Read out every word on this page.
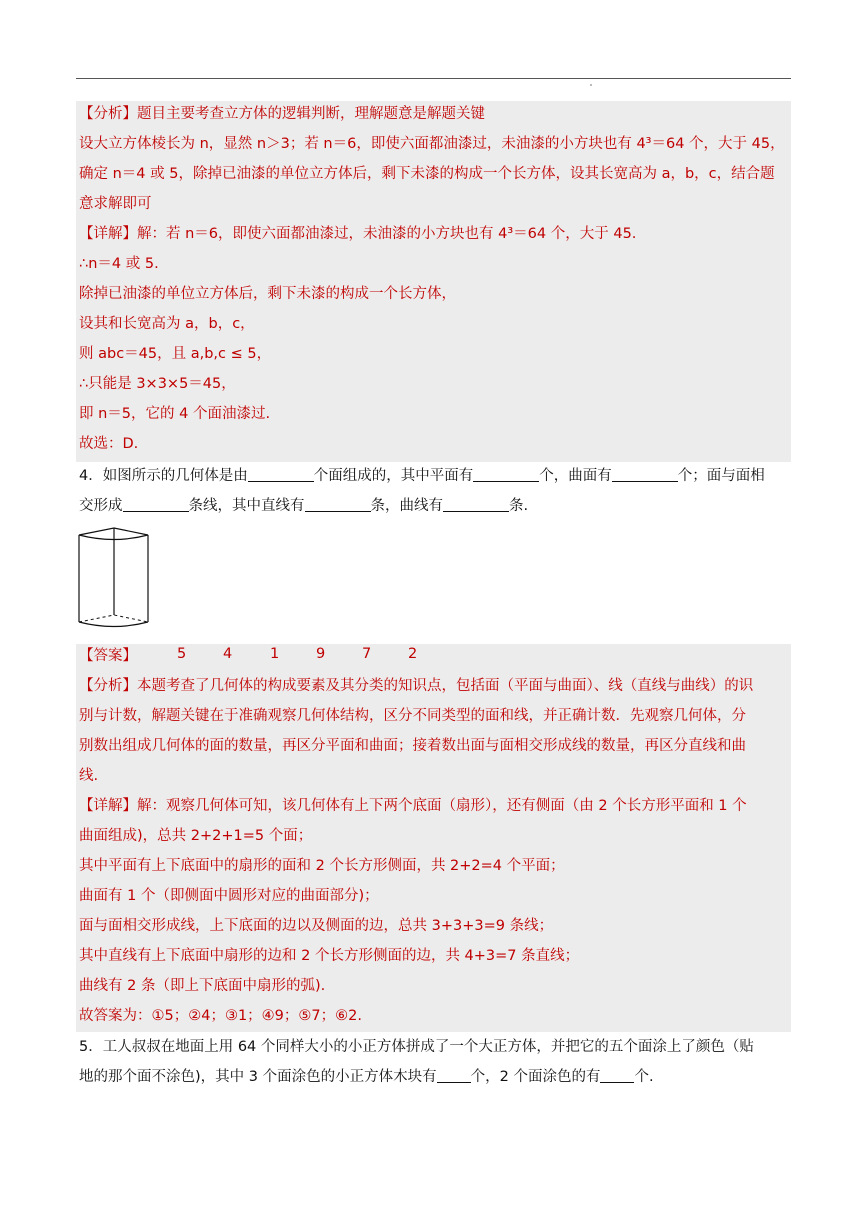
【分析】题目主要考查立方体的逻辑判断，理解题意是解题关键
设大立方体棱长为 n，显然 n＞3；若 n＝6，即使六面都油漆过，未油漆的小方块也有 4³＝64 个，大于 45，
确定 n＝4 或 5，除掉已油漆的单位立方体后，剩下未漆的构成一个长方体，设其长宽高为 a，b，c，结合题
意求解即可
【详解】解：若 n＝6，即使六面都油漆过，未油漆的小方块也有 4³＝64 个，大于 45.
∴n＝4 或 5.
除掉已油漆的单位立方体后，剩下未漆的构成一个长方体，
设其和长宽高为 a，b，c，
则 abc＝45，且 a,b,c ≤ 5，
∴只能是 3×3×5＝45，
即 n＝5，它的 4 个面油漆过.
故选：D.
4．如图所示的几何体是由	个面组成的，其中平面有	个，曲面有	个；面与面相
交形成	条线，其中直线有	条，曲线有	条.
【答案】	5	4	1	9	7	2
【分析】本题考查了几何体的构成要素及其分类的知识点，包括面（平面与曲面）、线（直线与曲线）的识
别与计数，解题关键在于准确观察几何体结构，区分不同类型的面和线，并正确计数．先观察几何体，分
别数出组成几何体的面的数量，再区分平面和曲面；接着数出面与面相交形成线的数量，再区分直线和曲
线.
【详解】解：观察几何体可知，该几何体有上下两个底面（扇形），还有侧面（由 2 个长方形平面和 1 个
曲面组成)，总共 2+2+1=5 个面；
其中平面有上下底面中的扇形的面和 2 个长方形侧面，共 2+2=4 个平面；
曲面有 1 个（即侧面中圆形对应的曲面部分)；
面与面相交形成线，上下底面的边以及侧面的边，总共 3+3+3=9 条线；
其中直线有上下底面中扇形的边和 2 个长方形侧面的边，共 4+3=7 条直线；
曲线有 2 条（即上下底面中扇形的弧).
故答案为：①5；②4；③1；④9；⑤7；⑥2.
5．工人叔叔在地面上用 64 个同样大小的小正方体拼成了一个大正方体，并把它的五个面涂上了颜色（贴
地的那个面不涂色)，其中 3 个面涂色的小正方体木块有 个，2 个面涂色的有 个.
